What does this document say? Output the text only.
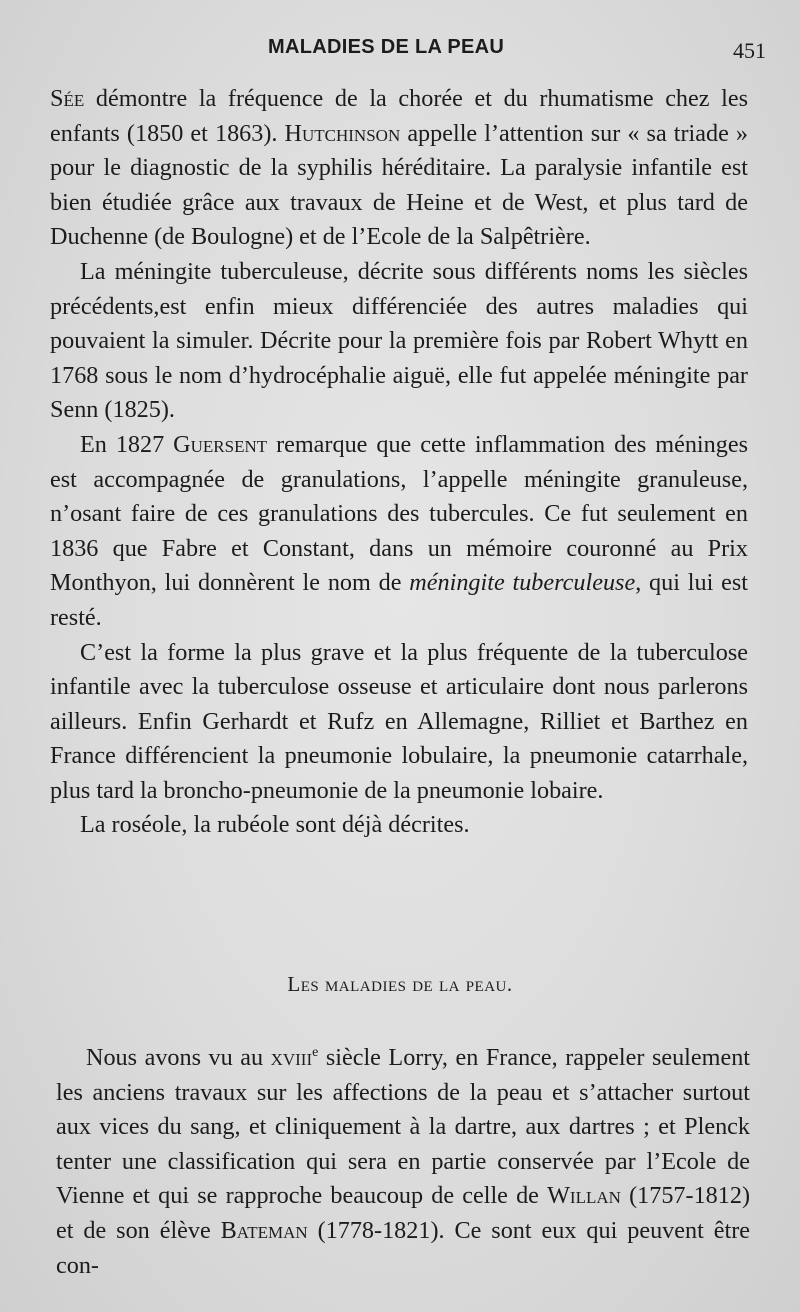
MALADIES DE LA PEAU	451

Sée démontre la fréquence de la chorée et du rhumatisme chez les enfants (1850 et 1863). Hutchinson appelle l’attention sur « sa triade » pour le diagnostic de la syphilis héréditaire. La paralysie infantile est bien étudiée grâce aux travaux de Heine et de West, et plus tard de Duchenne (de Boulogne) et de l’Ecole de la Salpêtrière.

La méningite tuberculeuse, décrite sous différents noms les siècles précédents,est enfin mieux différenciée des autres maladies qui pouvaient la simuler. Décrite pour la première fois par Robert Whytt en 1768 sous le nom d’hydrocéphalie aiguë, elle fut appelée méningite par Senn (1825).

En 1827 Guersent remarque que cette inflammation des méninges est accompagnée de granulations, l’appelle méningite granuleuse, n’osant faire de ces granulations des tubercules. Ce fut seulement en 1836 que Fabre et Constant, dans un mémoire couronné au Prix Monthyon, lui donnèrent le nom de méningite tuberculeuse, qui lui est resté.

C’est la forme la plus grave et la plus fréquente de la tuberculose infantile avec la tuberculose osseuse et articulaire dont nous parlerons ailleurs. Enfin Gerhardt et Rufz en Allemagne, Rilliet et Barthez en France différencient la pneumonie lobulaire, la pneumonie catarrhale, plus tard la broncho-pneumonie de la pneumonie lobaire.

La roséole, la rubéole sont déjà décrites.

Les maladies de la peau.

Nous avons vu au xviii$^e$ siècle Lorry, en France, rappeler seulement les anciens travaux sur les affections de la peau et s’attacher surtout aux vices du sang, et cliniquement à la dartre, aux dartres ; et Plenck tenter une classification qui sera en partie conservée par l’Ecole de Vienne et qui se rapproche beaucoup de celle de Willan (1757-1812) et de son élève Bateman (1778-1821). Ce sont eux qui peuvent être con-
